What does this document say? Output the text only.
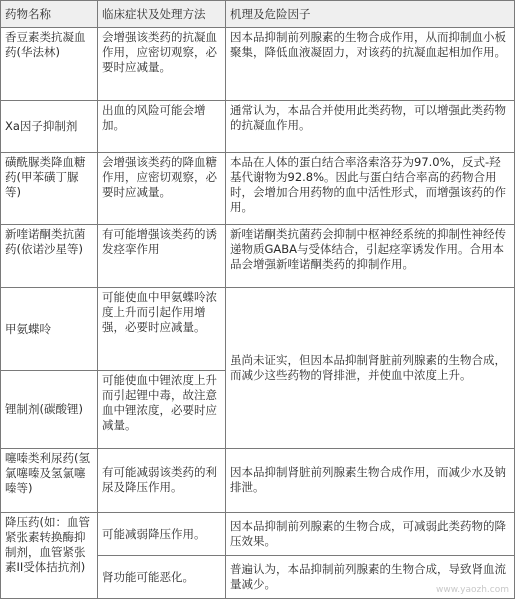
药物名称	临床症状及处理方法	机理及危险因子
香豆素类抗凝血药(华法林)	会增强该类药的抗凝血作用，应密切观察，必要时应减量。	因本品抑制前列腺素的生物合成作用，从而抑制血小板聚集，降低血液凝固力，对该药的抗凝血起相加作用。
Xa因子抑制剂	出血的风险可能会增加。	通常认为，本品合并使用此类药物，可以增强此类药物的抗凝血作用。
磺酰脲类降血糖药(甲苯磺丁脲等)	会增强该类药的降血糖作用，应密切观察，必要时应减量。	本品在人体的蛋白结合率洛索洛芬为97.0%，反式-羟基代谢物为92.8%。因此与蛋白结合率高的药物合用时，会增加合用药物的血中活性形式，而增强该药的作用。
新喹诺酮类抗菌药(依诺沙星等)	有可能增强该类药的诱发痉挛作用	新喹诺酮类抗菌药会抑制中枢神经系统的抑制性神经传递物质GABA与受体结合，引起痉挛诱发作用。合用本品会增强新喹诺酮类药的抑制作用。
甲氨蝶呤	可能使血中甲氨蝶呤浓度上升而引起作用增强，必要时应减量。	虽尚未证实，但因本品抑制肾脏前列腺素的生物合成，而减少这些药物的肾排泄，并使血中浓度上升。
锂制剂(碳酸锂)	可能使血中锂浓度上升而引起锂中毒，故注意血中锂浓度，必要时应减量。	
噻嗪类利尿药(氢氯噻嗪及氢氯噻嗪等)	有可能减弱该类药的利尿及降压作用。	因本品抑制肾脏前列腺素生物合成作用，而减少水及钠排泄。
降压药(如：血管紧张素转换酶抑制剂，血管紧张素II受体拮抗剂)	可能减弱降压作用。	因本品抑制前列腺素的生物合成，可减弱此类药物的降压效果。
	肾功能可能恶化。	普遍认为，本品抑制前列腺素的生物合成，导致肾血流量减少。	www.yaozh.com
